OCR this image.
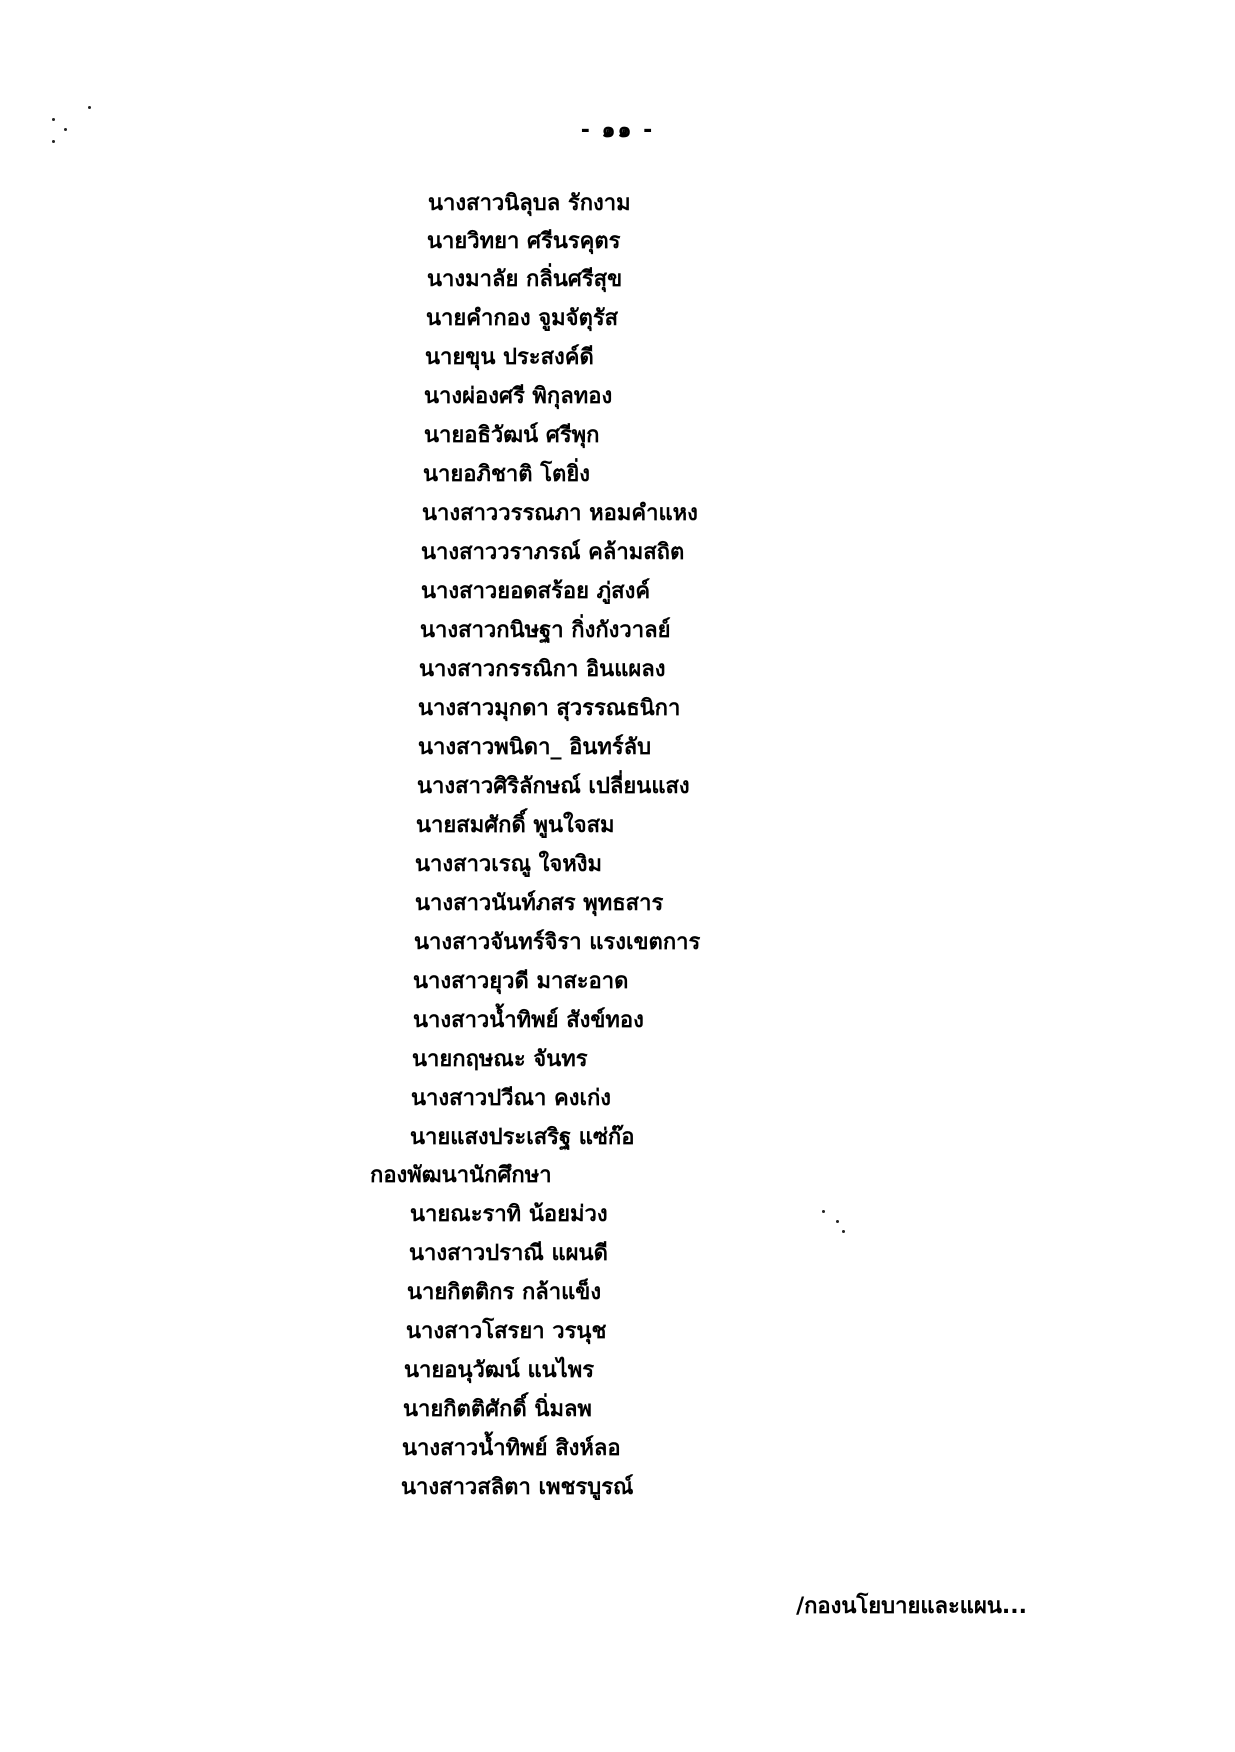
- ๑๑ -
นางสาวนิลุบล รักงาม
นายวิทยา ศรีนรคุตร
นางมาลัย กลิ่นศรีสุข
นายคำกอง จูมจัตุรัส
นายขุน ประสงค์ดี
นางผ่องศรี พิกุลทอง
นายอธิวัฒน์ ศรีพุก
นายอภิชาติ โตยิ่ง
นางสาววรรณภา หอมคำแหง
นางสาววราภรณ์ คล้ามสถิต
นางสาวยอดสร้อย ภู่สงค์
นางสาวกนิษฐา กิ่งกังวาลย์
นางสาวกรรณิกา อินแผลง
นางสาวมุกดา สุวรรณธนิกา
นางสาวพนิดา_ อินทร์ลับ
นางสาวศิริลักษณ์ เปลี่ยนแสง
นายสมศักดิ์ พูนใจสม
นางสาวเรณู ใจหงิม
นางสาวนันท์ภสร พุทธสาร
นางสาวจันทร์จิรา แรงเขตการ
นางสาวยุวดี มาสะอาด
นางสาวน้ำทิพย์ สังข์ทอง
นายกฤษณะ จันทร
นางสาวปวีณา คงเก่ง
นายแสงประเสริฐ แซ่ก๊อ
กองพัฒนานักศึกษา
นายณะราทิ น้อยม่วง
นางสาวปราณี แผนดี
นายกิตติกร กล้าแข็ง
นางสาวโสรยา วรนุช
นายอนุวัฒน์ แนไพร
นายกิตติศักดิ์ นิ่มลพ
นางสาวน้ำทิพย์ สิงห์ลอ
นางสาวสลิตา เพชรบูรณ์
/กองนโยบายและแผน...
